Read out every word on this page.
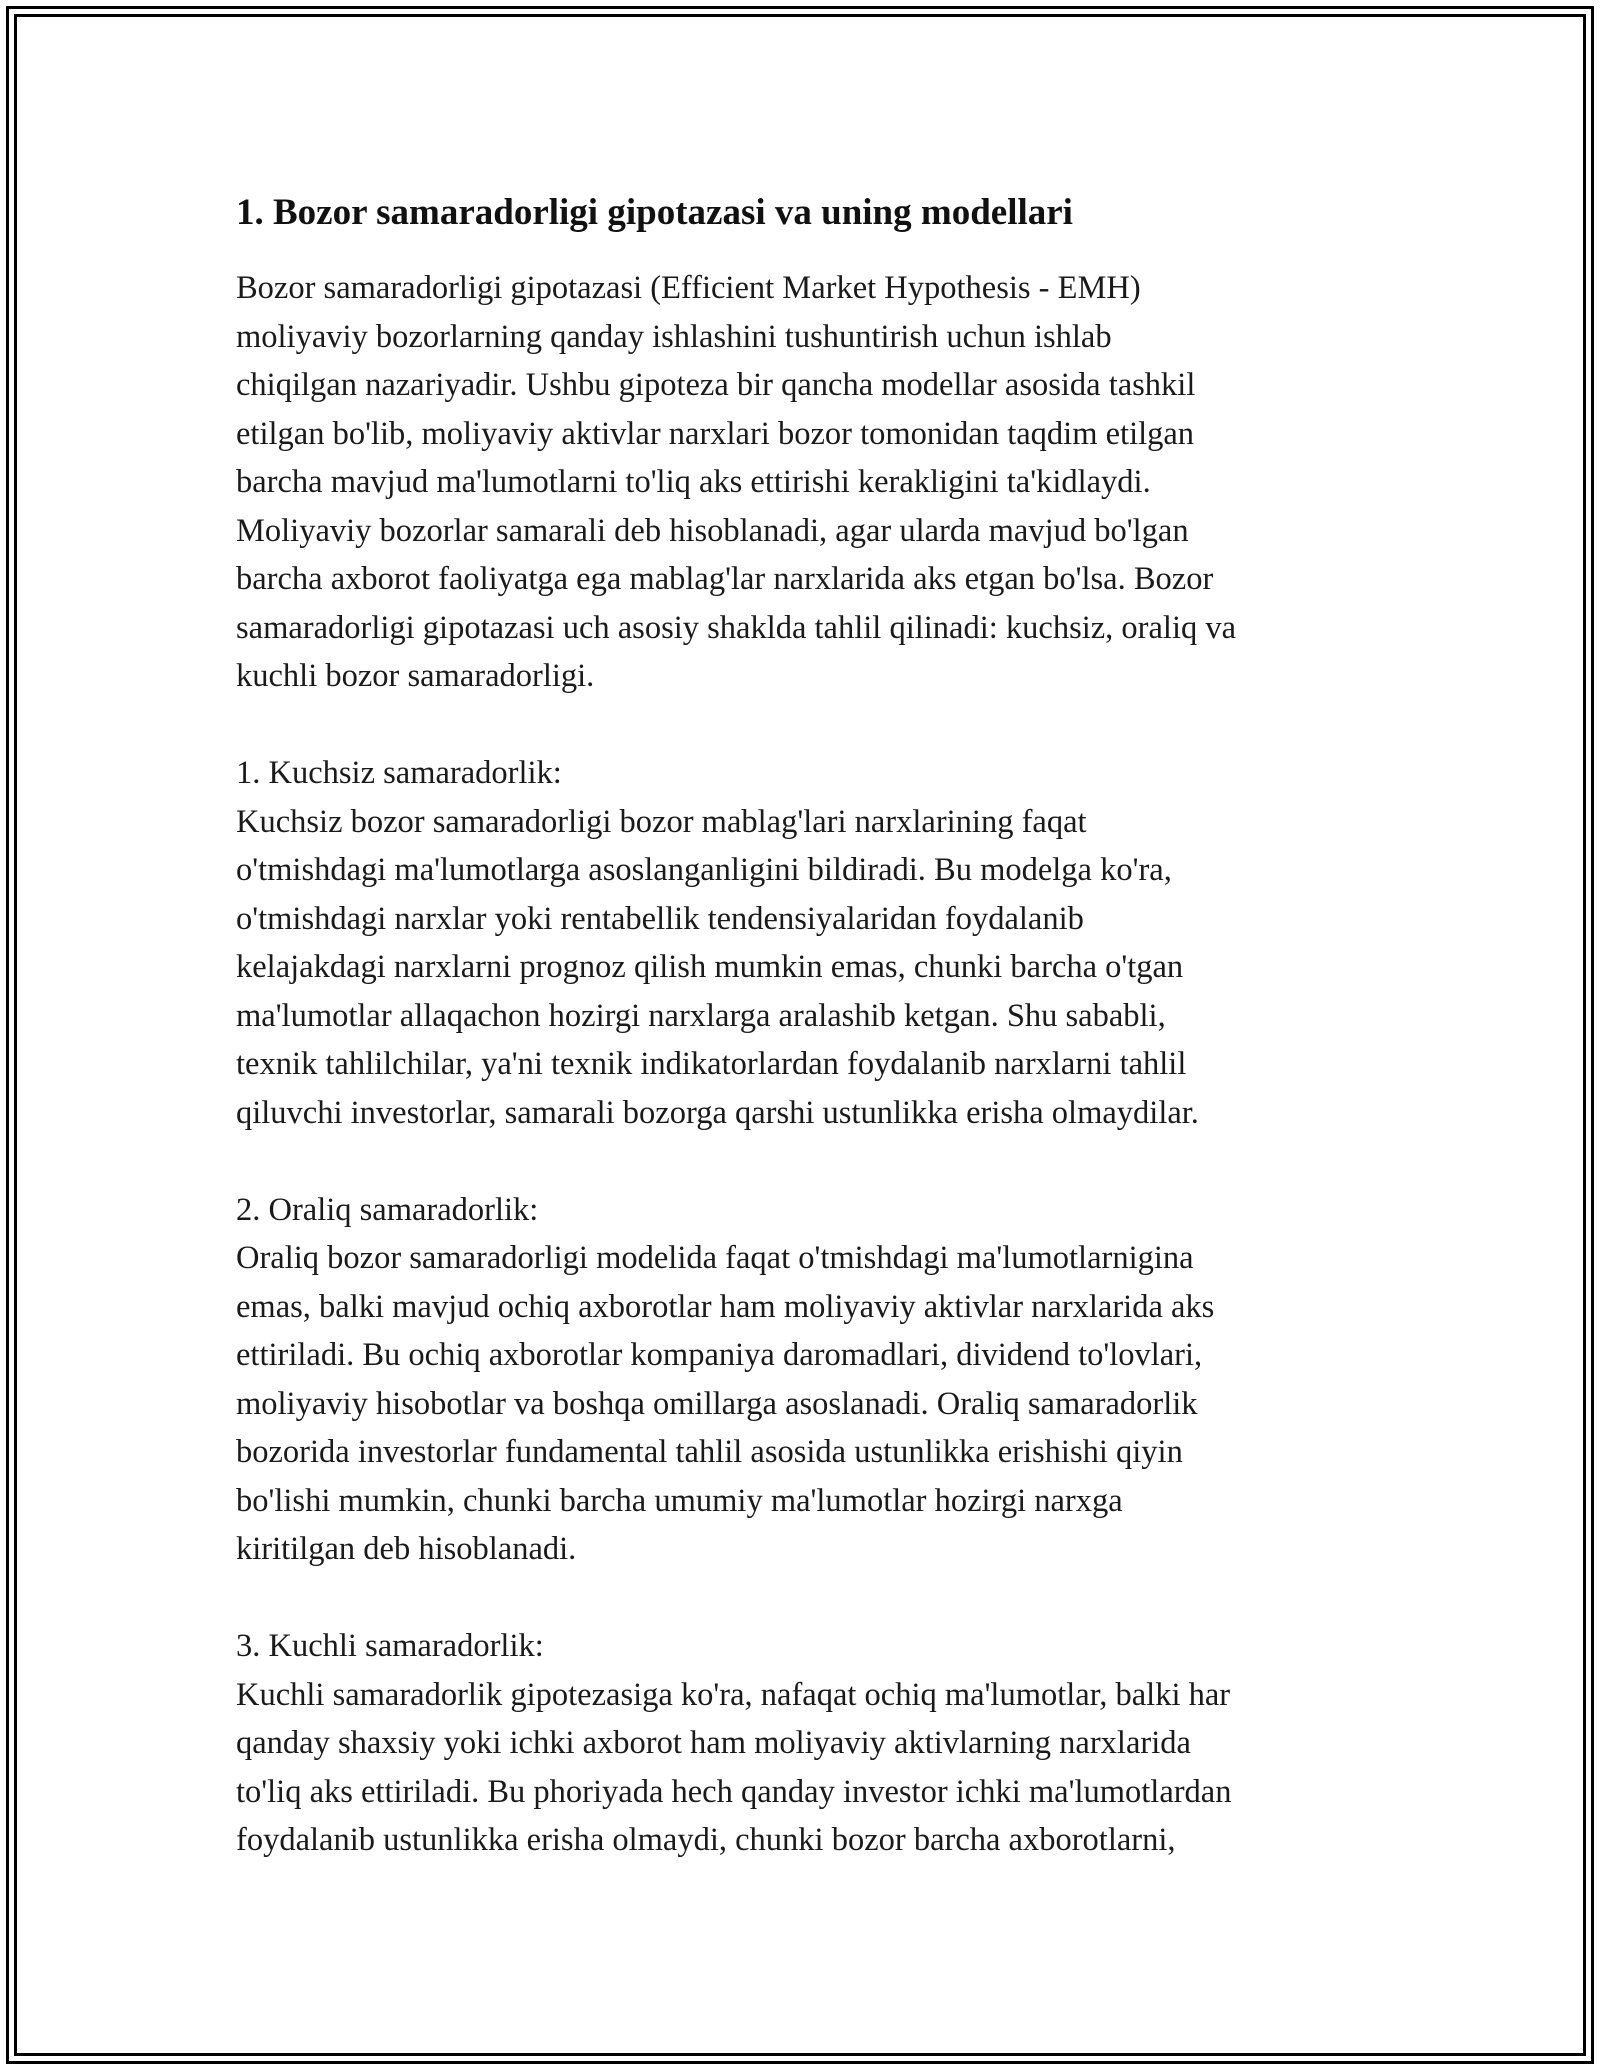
1. Bozor samaradorligi gipotazasi va uning modellari

Bozor samaradorligi gipotazasi (Efficient Market Hypothesis - EMH)
moliyaviy bozorlarning qanday ishlashini tushuntirish uchun ishlab
chiqilgan nazariyadir. Ushbu gipoteza bir qancha modellar asosida tashkil
etilgan bo'lib, moliyaviy aktivlar narxlari bozor tomonidan taqdim etilgan
barcha mavjud ma'lumotlarni to'liq aks ettirishi kerakligini ta'kidlaydi.
Moliyaviy bozorlar samarali deb hisoblanadi, agar ularda mavjud bo'lgan
barcha axborot faoliyatga ega mablag'lar narxlarida aks etgan bo'lsa. Bozor
samaradorligi gipotazasi uch asosiy shaklda tahlil qilinadi: kuchsiz, oraliq va
kuchli bozor samaradorligi.

1. Kuchsiz samaradorlik:

Kuchsiz bozor samaradorligi bozor mablag'lari narxlarining faqat
o'tmishdagi ma'lumotlarga asoslanganligini bildiradi. Bu modelga ko'ra,
o'tmishdagi narxlar yoki rentabellik tendensiyalaridan foydalanib
kelajakdagi narxlarni prognoz qilish mumkin emas, chunki barcha o'tgan
ma'lumotlar allaqachon hozirgi narxlarga aralashib ketgan. Shu sababli,
texnik tahlilchilar, ya'ni texnik indikatorlardan foydalanib narxlarni tahlil
qiluvchi investorlar, samarali bozorga qarshi ustunlikka erisha olmaydilar.

2. Oraliq samaradorlik:

Oraliq bozor samaradorligi modelida faqat o'tmishdagi ma'lumotlarnigina
emas, balki mavjud ochiq axborotlar ham moliyaviy aktivlar narxlarida aks
ettiriladi. Bu ochiq axborotlar kompaniya daromadlari, dividend to'lovlari,
moliyaviy hisobotlar va boshqa omillarga asoslanadi. Oraliq samaradorlik
bozorida investorlar fundamental tahlil asosida ustunlikka erishishi qiyin
bo'lishi mumkin, chunki barcha umumiy ma'lumotlar hozirgi narxga
kiritilgan deb hisoblanadi.

3. Kuchli samaradorlik:

Kuchli samaradorlik gipotezasiga ko'ra, nafaqat ochiq ma'lumotlar, balki har
qanday shaxsiy yoki ichki axborot ham moliyaviy aktivlarning narxlarida
to'liq aks ettiriladi. Bu phoriyada hech qanday investor ichki ma'lumotlardan
foydalanib ustunlikka erisha olmaydi, chunki bozor barcha axborotlarni,
